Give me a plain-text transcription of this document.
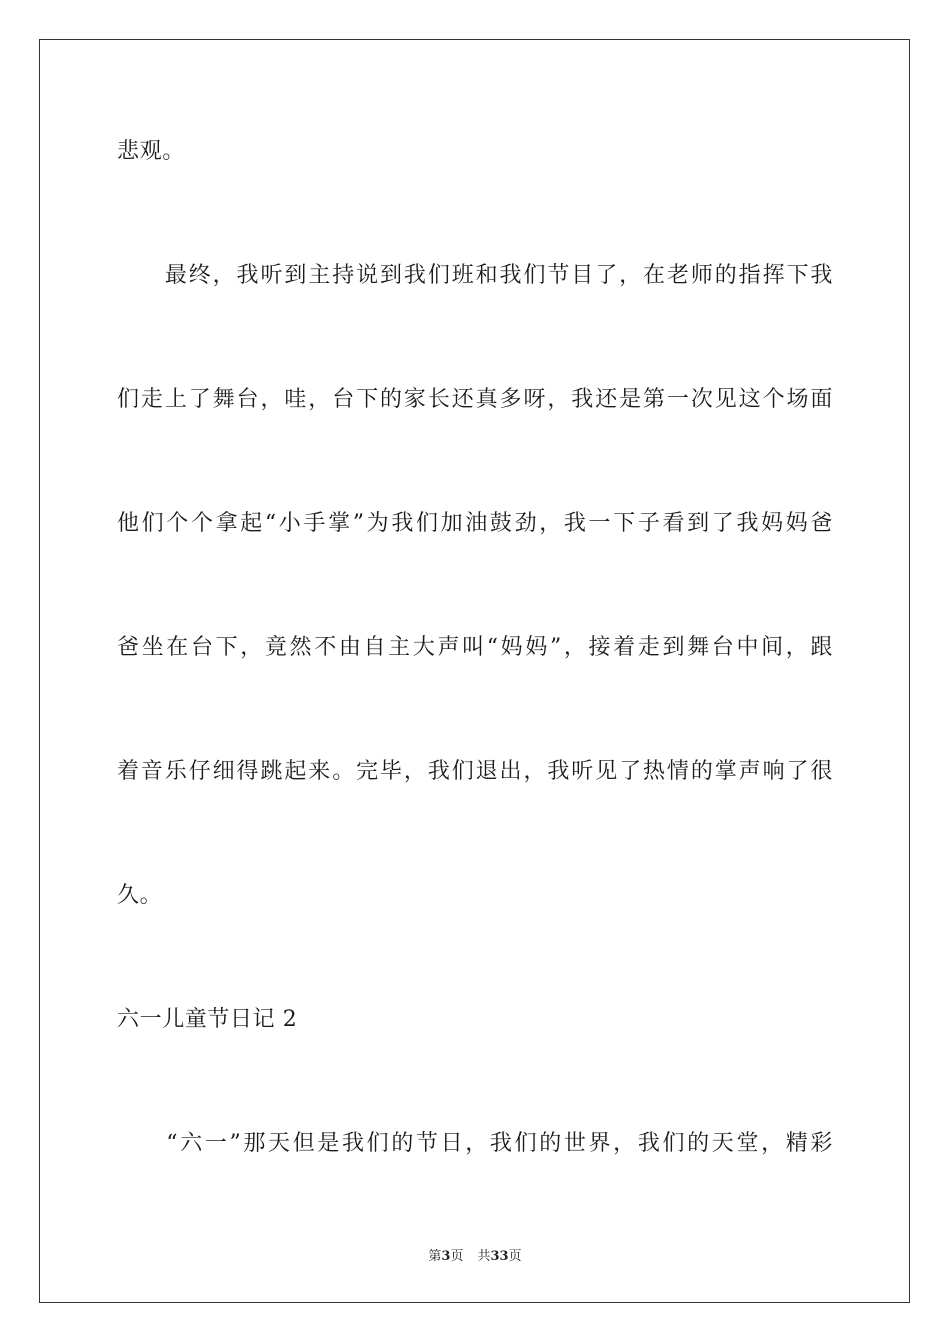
悲观。
　　最终，我听到主持说到我们班和我们节目了，在老师的指挥下我
们走上了舞台，哇，台下的家长还真多呀，我还是第一次见这个场面
他们个个拿起“小手掌”为我们加油鼓劲，我一下子看到了我妈妈爸
爸坐在台下，竟然不由自主大声叫“妈妈”，接着走到舞台中间，跟
着音乐仔细得跳起来。完毕，我们退出，我听见了热情的掌声响了很
久。
六一儿童节日记 2
　　“六一”那天但是我们的节日，我们的世界，我们的天堂，精彩
第3页 共33页
